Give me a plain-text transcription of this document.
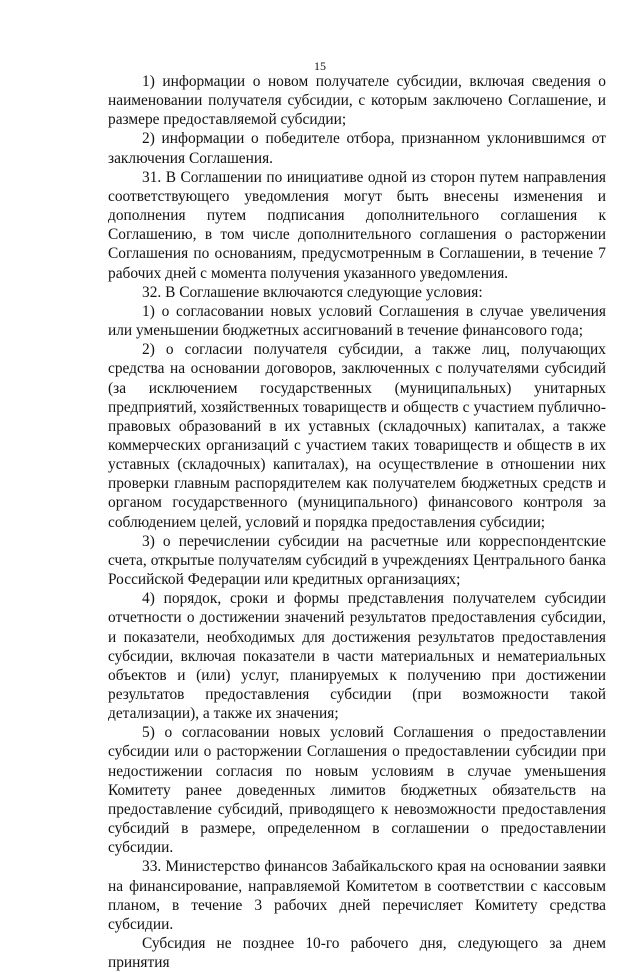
15

1) информации о новом получателе субсидии, включая сведения о наименовании получателя субсидии, с которым заключено Соглашение, и размере предоставляемой субсидии;

2) информации о победителе отбора, признанном уклонившимся от заключения Соглашения.

31. В Соглашении по инициативе одной из сторон путем направления соответствующего уведомления могут быть внесены изменения и дополнения путем подписания дополнительного соглашения к Соглашению, в том числе дополнительного соглашения о расторжении Соглашения по основаниям, предусмотренным в Соглашении, в течение 7 рабочих дней с момента получения указанного уведомления.

32. В Соглашение включаются следующие условия:

1) о согласовании новых условий Соглашения в случае увеличения или уменьшении бюджетных ассигнований в течение финансового года;

2) о согласии получателя субсидии, а также лиц, получающих средства на основании договоров, заключенных с получателями субсидий (за исключением государственных (муниципальных) унитарных предприятий, хозяйственных товариществ и обществ с участием публично-правовых образований в их уставных (складочных) капиталах, а также коммерческих организаций с участием таких товариществ и обществ в их уставных (складочных) капиталах), на осуществление в отношении них проверки главным распорядителем как получателем бюджетных средств и органом государственного (муниципального) финансового контроля за соблюдением целей, условий и порядка предоставления субсидии;

3) о перечислении субсидии на расчетные или корреспондентские счета, открытые получателям субсидий в учреждениях Центрального банка Российской Федерации или кредитных организациях;

4) порядок, сроки и формы представления получателем субсидии отчетности о достижении значений результатов предоставления субсидии, и показатели, необходимых для достижения результатов предоставления субсидии, включая показатели в части материальных и нематериальных объектов и (или) услуг, планируемых к получению при достижении результатов предоставления субсидии (при возможности такой детализации), а также их значения;

5) о согласовании новых условий Соглашения о предоставлении субсидии или о расторжении Соглашения о предоставлении субсидии при недостижении согласия по новым условиям в случае уменьшения Комитету ранее доведенных лимитов бюджетных обязательств на предоставление субсидий, приводящего к невозможности предоставления субсидий в размере, определенном в соглашении о предоставлении субсидии.

33. Министерство финансов Забайкальского края на основании заявки на финансирование, направляемой Комитетом в соответствии с кассовым планом, в течение 3 рабочих дней перечисляет Комитету средства субсидии.

Субсидия не позднее 10-го рабочего дня, следующего за днем принятия
